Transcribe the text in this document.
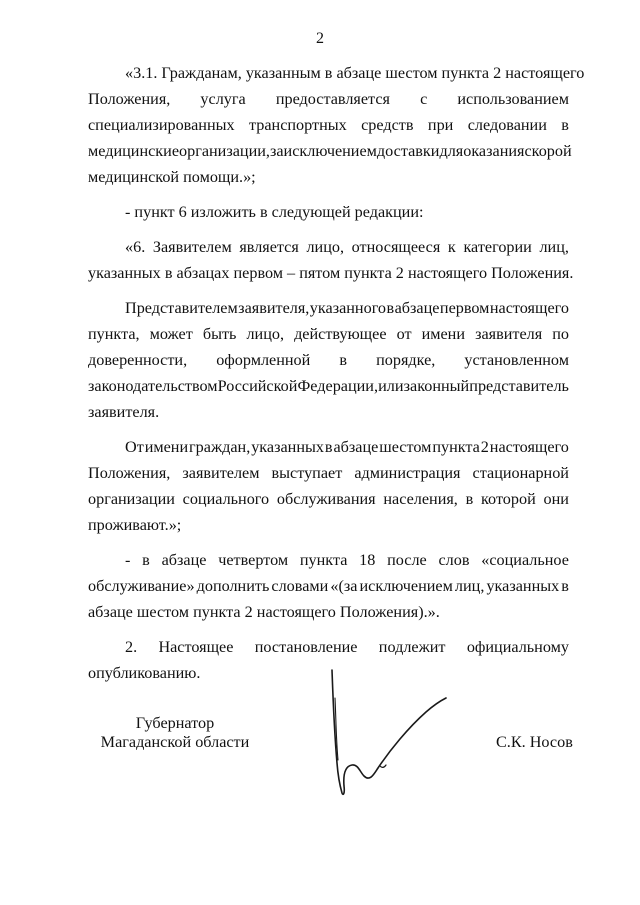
2
«3.1. Гражданам, указанным в абзаце шестом пункта 2 настоящего
Положения, услуга предоставляется с использованием
специализированных транспортных средств при следовании в
медицинские организации, за исключением доставки для оказания скорой
медицинской помощи.»;
- пункт 6 изложить в следующей редакции:
«6. Заявителем является лицо, относящееся к категории лиц,
указанных в абзацах первом – пятом пункта 2 настоящего Положения.
Представителем заявителя, указанного в абзаце первом настоящего
пункта, может быть лицо, действующее от имени заявителя по
доверенности, оформленной в порядке, установленном
законодательством Российской Федерации, или законный представитель
заявителя.
От имени граждан, указанных в абзаце шестом пункта 2 настоящего
Положения, заявителем выступает администрация стационарной
организации социального обслуживания населения, в которой они
проживают.»;
- в абзаце четвертом пункта 18 после слов «социальное
обслуживание» дополнить словами «(за исключением лиц, указанных в
абзаце шестом пункта 2 настоящего Положения).».
2. Настоящее постановление подлежит официальному
опубликованию.
Губернатор
Магаданской области	С.К. Носов
